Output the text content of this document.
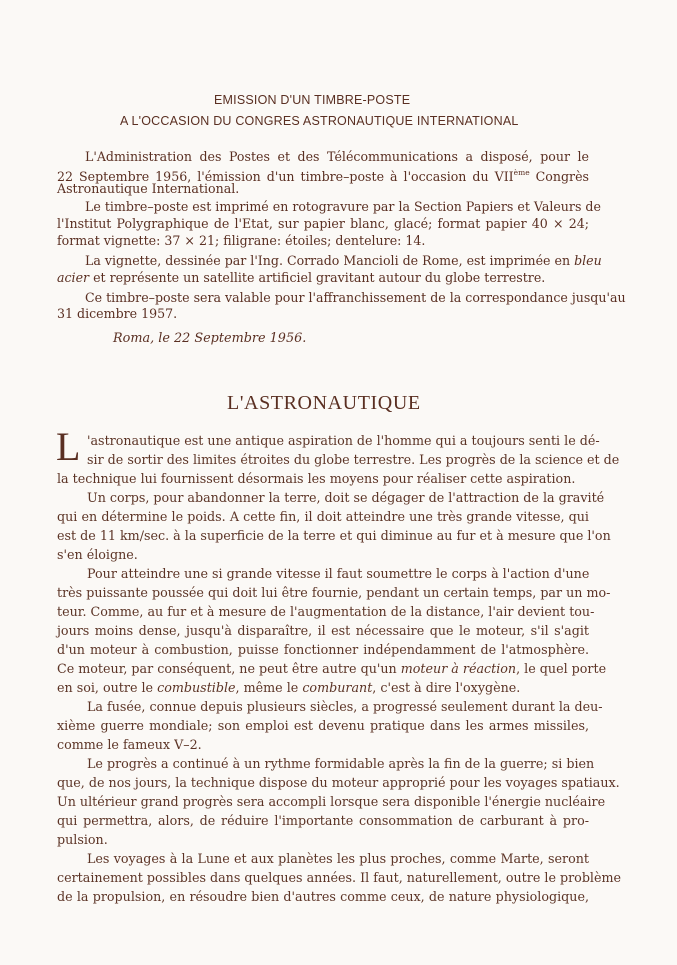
EMISSION D'UN TIMBRE-POSTE
A L'OCCASION DU CONGRES ASTRONAUTIQUE INTERNATIONAL
L'Administration des Postes et des Télécommunications a disposé, pour le
22 Septembre 1956, l'émission d'un timbre–poste à l'occasion du VIIème Congrès
Astronautique International.
Le timbre–poste est imprimé en rotogravure par la Section Papiers et Valeurs de
l'Institut Polygraphique de l'Etat, sur papier blanc, glacé; format papier 40 × 24;
format vignette: 37 × 21; filigrane: étoiles; dentelure: 14.
La vignette, dessinée par l'Ing. Corrado Mancioli de Rome, est imprimée en bleu
acier et représente un satellite artificiel gravitant autour du globe terrestre.
Ce timbre–poste sera valable pour l'affranchissement de la correspondance jusqu'au
31 dicembre 1957.
Roma, le 22 Septembre 1956.
L'ASTRONAUTIQUE
L 'astronautique est une antique aspiration de l'homme qui a toujours senti le dé-
sir de sortir des limites étroites du globe terrestre. Les progrès de la science et de
la technique lui fournissent désormais les moyens pour réaliser cette aspiration.
Un corps, pour abandonner la terre, doit se dégager de l'attraction de la gravité
qui en détermine le poids. A cette fin, il doit atteindre une très grande vitesse, qui
est de 11 km/sec. à la superficie de la terre et qui diminue au fur et à mesure que l'on
s'en éloigne.
Pour atteindre une si grande vitesse il faut soumettre le corps à l'action d'une
très puissante poussée qui doit lui être fournie, pendant un certain temps, par un mo-
teur. Comme, au fur et à mesure de l'augmentation de la distance, l'air devient tou-
jours moins dense, jusqu'à disparaître, il est nécessaire que le moteur, s'il s'agit
d'un moteur à combustion, puisse fonctionner indépendamment de l'atmosphère.
Ce moteur, par conséquent, ne peut être autre qu'un moteur à réaction, le quel porte
en soi, outre le combustible, même le comburant, c'est à dire l'oxygène.
La fusée, connue depuis plusieurs siècles, a progressé seulement durant la deu-
xième guerre mondiale; son emploi est devenu pratique dans les armes missiles,
comme le fameux V–2.
Le progrès a continué à un rythme formidable après la fin de la guerre; si bien
que, de nos jours, la technique dispose du moteur approprié pour les voyages spatiaux.
Un ultérieur grand progrès sera accompli lorsque sera disponible l'énergie nucléaire
qui permettra, alors, de réduire l'importante consommation de carburant à pro-
pulsion.
Les voyages à la Lune et aux planètes les plus proches, comme Marte, seront
certainement possibles dans quelques années. Il faut, naturellement, outre le problème
de la propulsion, en résoudre bien d'autres comme ceux, de nature physiologique,
